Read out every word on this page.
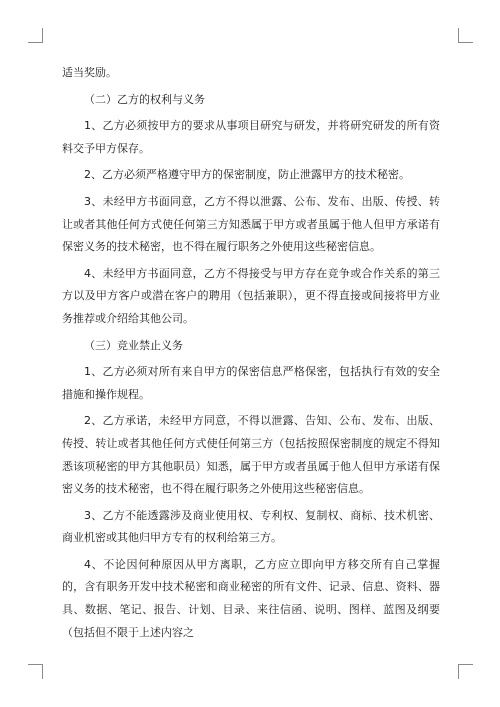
适当奖励。

（二）乙方的权利与义务

1、乙方必须按甲方的要求从事项目研究与研发，并将研究研发的所有资料交予甲方保存。

2、乙方必须严格遵守甲方的保密制度，防止泄露甲方的技术秘密。

3、未经甲方书面同意，乙方不得以泄露、公布、发布、出版、传授、转让或者其他任何方式使任何第三方知悉属于甲方或者虽属于他人但甲方承诺有保密义务的技术秘密，也不得在履行职务之外使用这些秘密信息。

4、未经甲方书面同意，乙方不得接受与甲方存在竞争或合作关系的第三方以及甲方客户或潜在客户的聘用（包括兼职），更不得直接或间接将甲方业务推荐或介绍给其他公司。

（三）竞业禁止义务

1、乙方必须对所有来自甲方的保密信息严格保密，包括执行有效的安全措施和操作规程。

2、乙方承诺，未经甲方同意，不得以泄露、告知、公布、发布、出版、传授、转让或者其他任何方式使任何第三方（包括按照保密制度的规定不得知悉该项秘密的甲方其他职员）知悉，属于甲方或者虽属于他人但甲方承诺有保密义务的技术秘密，也不得在履行职务之外使用这些秘密信息。

3、乙方不能透露涉及商业使用权、专利权、复制权、商标、技术机密、商业机密或其他归甲方专有的权利给第三方。

4、不论因何种原因从甲方离职，乙方应立即向甲方移交所有自己掌握的，含有职务开发中技术秘密和商业秘密的所有文件、记录、信息、资料、器具、数据、笔记、报告、计划、目录、来往信函、说明、图样、蓝图及纲要（包括但不限于上述内容之
